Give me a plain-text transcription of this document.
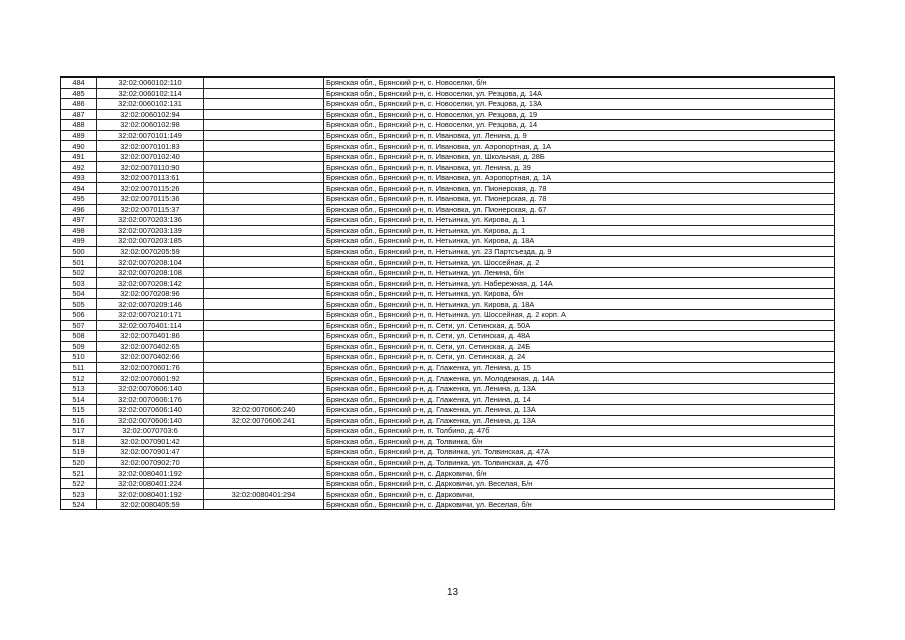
484	32:02:0060102:110		Брянская обл., Брянский р-н, с. Новоселки, б/н
485	32:02:0060102:114		Брянская обл., Брянский р-н, с. Новоселки, ул. Резцова, д. 14А
486	32:02:0060102:131		Брянская обл., Брянский р-н, с. Новоселки, ул. Резцова, д. 13А
487	32:02:0060102:94		Брянская обл., Брянский р-н, с. Новоселки, ул. Резцова, д. 19
488	32:02:0060102:98		Брянская обл., Брянский р-н, с. Новоселки, ул. Резцова, д. 14
489	32:02:0070101:149		Брянская обл., Брянский р-н, п. Ивановка, ул. Ленина, д. 9
490	32:02:0070101:83		Брянская обл., Брянский р-н, п. Ивановка, ул. Аэропортная, д. 1А
491	32:02:0070102:40		Брянская обл., Брянский р-н, п. Ивановка, ул. Школьная, д. 28Б
492	32:02:0070110:90		Брянская обл., Брянский р-н, п. Ивановка, ул. Ленина, д. 39
493	32:02:0070113:61		Брянская обл., Брянский р-н, п. Ивановка, ул. Аэропортная, д. 1А
494	32:02:0070115:26		Брянская обл., Брянский р-н, п. Ивановка, ул. Пионерская, д. 78
495	32:02:0070115:36		Брянская обл., Брянский р-н, п. Ивановка, ул. Пионерская, д. 78
496	32:02:0070115:37		Брянская обл., Брянский р-н, п. Ивановка, ул. Пионерская, д. 67
497	32:02:0070203:136		Брянская обл., Брянский р-н, п. Нетьинка, ул. Кирова, д. 1
498	32:02:0070203:139		Брянская обл., Брянский р-н, п. Нетьинка, ул. Кирова, д. 1
499	32:02:0070203:185		Брянская обл., Брянский р-н, п. Нетьинка, ул. Кирова, д. 18А
500	32:02:0070205:59		Брянская обл., Брянский р-н, п. Нетьинка, ул. 23 Партсъезда, д. 9
501	32:02:0070208:104		Брянская обл., Брянский р-н, п. Нетьинка, ул. Шоссейная, д. 2
502	32:02:0070208:108		Брянская обл., Брянский р-н, п. Нетьинка, ул. Ленина, б/н
503	32:02:0070208:142		Брянская обл., Брянский р-н, п. Нетьинка, ул. Набережная, д. 14А
504	32:02:0070208:96		Брянская обл., Брянский р-н, п. Нетьинка, ул. Кирова, б/н
505	32:02:0070209:146		Брянская обл., Брянский р-н, п. Нетьинка, ул. Кирова, д. 18А
506	32:02:0070210:171		Брянская обл., Брянский р-н, п. Нетьинка, ул. Шоссейная, д. 2 корп. А
507	32:02:0070401:114		Брянская обл., Брянский р-н, п. Сети, ул. Сетинская, д. 50А
508	32:02:0070401:86		Брянская обл., Брянский р-н, п. Сети, ул. Сетинская, д. 48А
509	32:02:0070402:65		Брянская обл., Брянский р-н, п. Сети, ул. Сетинская, д. 24Б
510	32:02:0070402:66		Брянская обл., Брянский р-н, п. Сети, ул. Сетинская, д. 24
511	32:02:0070601:76		Брянская обл., Брянский р-н, д. Глаженка, ул. Ленина, д. 15
512	32:02:0070601:92		Брянская обл., Брянский р-н, д. Глаженка, ул. Молодежная, д. 14А
513	32:02:0070606:140		Брянская обл., Брянский р-н, д. Глаженка, ул. Ленина, д. 13А
514	32:02:0070606:176		Брянская обл., Брянский р-н, д. Глаженка, ул. Ленина, д. 14
515	32:02:0070606:140	32:02:0070606:240	Брянская обл., Брянский р-н, д. Глаженка, ул. Ленина, д. 13А
516	32:02:0070606:140	32:02:0070606:241	Брянская обл., Брянский р-н, д. Глаженка, ул. Ленина, д. 13А
517	32:02:0070703:6		Брянская обл., Брянский р-н, п. Толбино, д. 47б
518	32:02:0070901:42		Брянская обл., Брянский р-н, д. Толвинка, б/н
519	32:02:0070901:47		Брянская обл., Брянский р-н, д. Толвинка, ул. Толвинская, д. 47А
520	32:02:0070902:70		Брянская обл., Брянский р-н, д. Толвинка, ул. Толвинская, д. 47б
521	32:02:0080401:192		Брянская обл., Брянский р-н, с. Дарковичи, б/н
522	32:02:0080401:224		Брянская обл., Брянский р-н, с. Дарковичи, ул. Веселая, Б/н
523	32:02:0080401:192	32:02:0080401:294	Брянская обл., Брянский р-н, с. Дарковичи,
524	32:02:0080405:59		Брянская обл., Брянский р-н, с. Дарковичи, ул. Веселая, б/н
13
